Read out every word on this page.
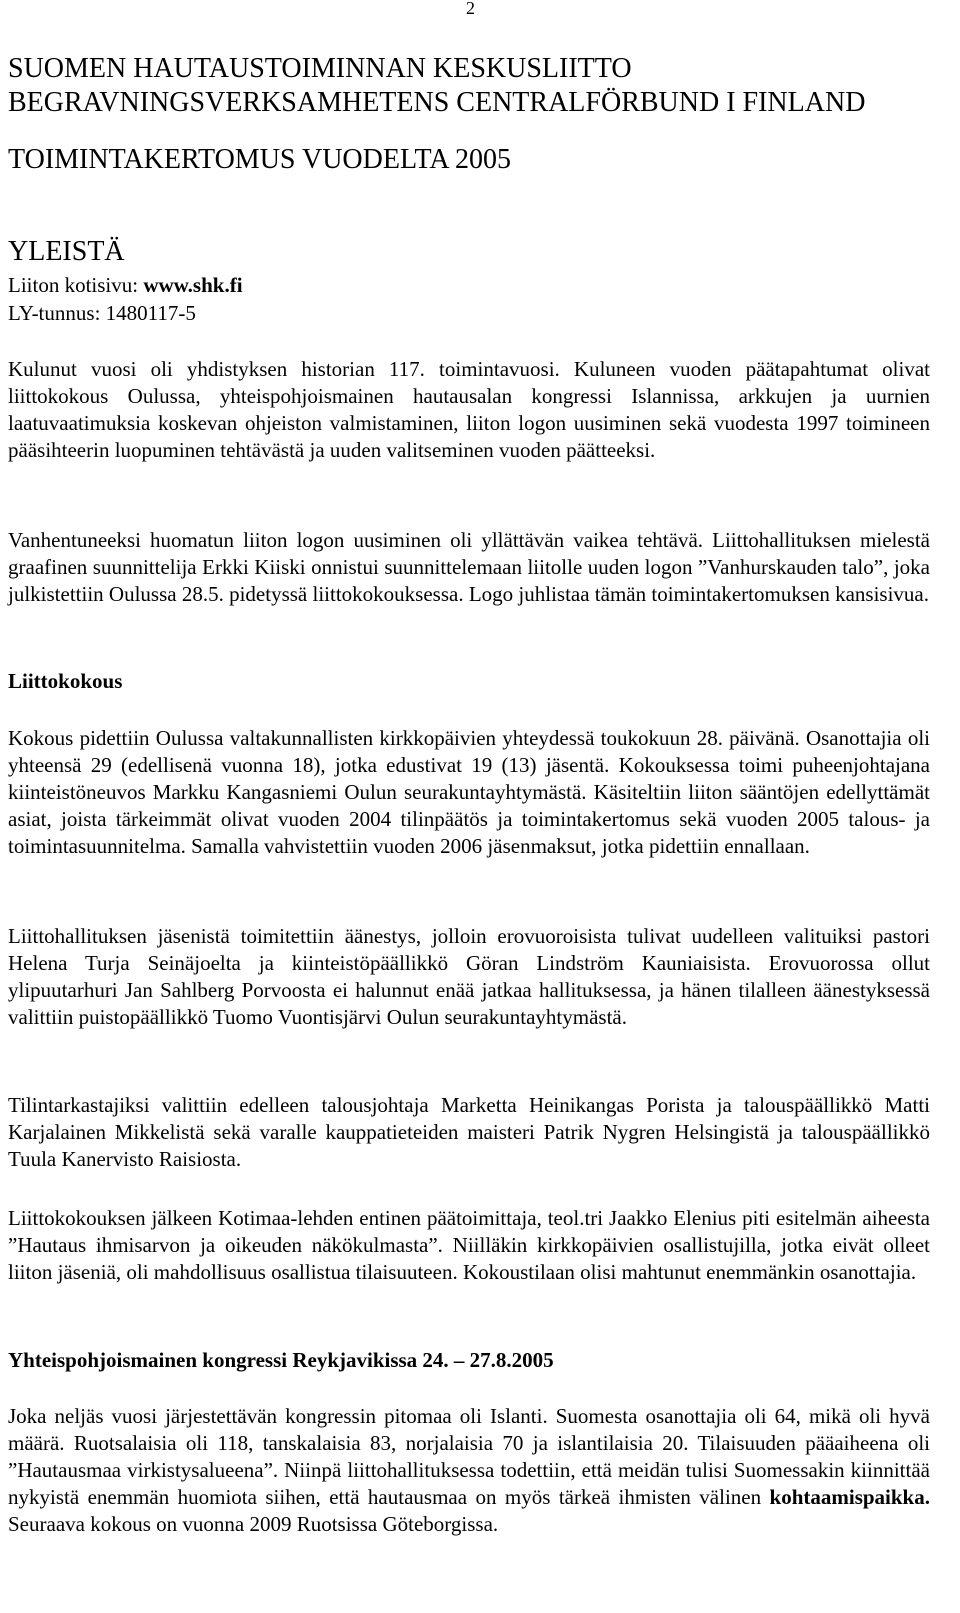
2
SUOMEN HAUTAUSTOIMINNAN KESKUSLIITTO
BEGRAVNINGSVERKSAMHETENS CENTRALFÖRBUND I FINLAND
TOIMINTAKERTOMUS VUODELTA 2005
YLEISTÄ
Liiton kotisivu: www.shk.fi
LY-tunnus: 1480117-5

Kulunut vuosi oli yhdistyksen historian 117. toimintavuosi. Kuluneen vuoden päätapahtumat olivat liittokokous Oulussa, yhteispohjoismainen hautausalan kongressi Islannissa, arkkujen ja uurnien laatuvaatimuksia koskevan ohjeiston valmistaminen, liiton logon uusiminen sekä vuodesta 1997 toimineen pääsihteerin luopuminen tehtävästä ja uuden valitseminen vuoden päätteeksi.

Vanhentuneeksi huomatun liiton logon uusiminen oli yllättävän vaikea tehtävä. Liittohallituksen mielestä graafinen suunnittelija Erkki Kiiski onnistui suunnittelemaan liitolle uuden logon ”Vanhurskauden talo”, joka julkistettiin Oulussa 28.5. pidetyssä liittokokouksessa. Logo juhlistaa tämän toimintakertomuksen kansisivua.

Liittokokous

Kokous pidettiin Oulussa valtakunnallisten kirkkopäivien yhteydessä toukokuun 28. päivänä. Osanottajia oli yhteensä 29 (edellisenä vuonna 18), jotka edustivat 19 (13) jäsentä. Kokouksessa toimi puheenjohtajana kiinteistöneuvos Markku Kangasniemi Oulun seurakuntayhtymästä. Käsiteltiin liiton sääntöjen edellyttämät asiat, joista tärkeimmät olivat vuoden 2004 tilinpäätös ja toimintakertomus sekä vuoden 2005 talous- ja toimintasuunnitelma. Samalla vahvistettiin vuoden 2006 jäsenmaksut, jotka pidettiin ennallaan.

Liittohallituksen jäsenistä toimitettiin äänestys, jolloin erovuoroisista tulivat uudelleen valituiksi pastori Helena Turja Seinäjoelta ja kiinteistöpäällikkö Göran Lindström Kauniaisista. Erovuorossa ollut ylipuutarhuri Jan Sahlberg Porvoosta ei halunnut enää jatkaa hallituksessa, ja hänen tilalleen äänestyksessä valittiin puistopäällikkö Tuomo Vuontisjärvi Oulun seurakuntayhtymästä.

Tilintarkastajiksi valittiin edelleen talousjohtaja Marketta Heinikangas Porista ja talouspäällikkö Matti Karjalainen Mikkelistä sekä varalle kauppatieteiden maisteri Patrik Nygren Helsingistä ja talouspäällikkö Tuula Kanervisto Raisiosta.

Liittokokouksen jälkeen Kotimaa-lehden entinen päätoimittaja, teol.tri Jaakko Elenius piti esitelmän aiheesta ”Hautaus ihmisarvon ja oikeuden näkökulmasta”. Niilläkin kirkkopäivien osallistujilla, jotka eivät olleet liiton jäseniä, oli mahdollisuus osallistua tilaisuuteen. Kokoustilaan olisi mahtunut enemmänkin osanottajia.

Yhteispohjoismainen kongressi Reykjavikissa 24. – 27.8.2005

Joka neljäs vuosi järjestettävän kongressin pitomaa oli Islanti. Suomesta osanottajia oli 64, mikä oli hyvä määrä. Ruotsalaisia oli 118, tanskalaisia 83, norjalaisia 70 ja islantilaisia 20. Tilaisuuden pääaiheena oli ”Hautausmaa virkistysalueena”. Niinpä liittohallituksessa todettiin, että meidän tulisi Suomessakin kiinnittää nykyistä enemmän huomiota siihen, että hautausmaa on myös tärkeä ihmisten välinen kohtaamispaikka. Seuraava kokous on vuonna 2009 Ruotsissa Göteborgissa.
